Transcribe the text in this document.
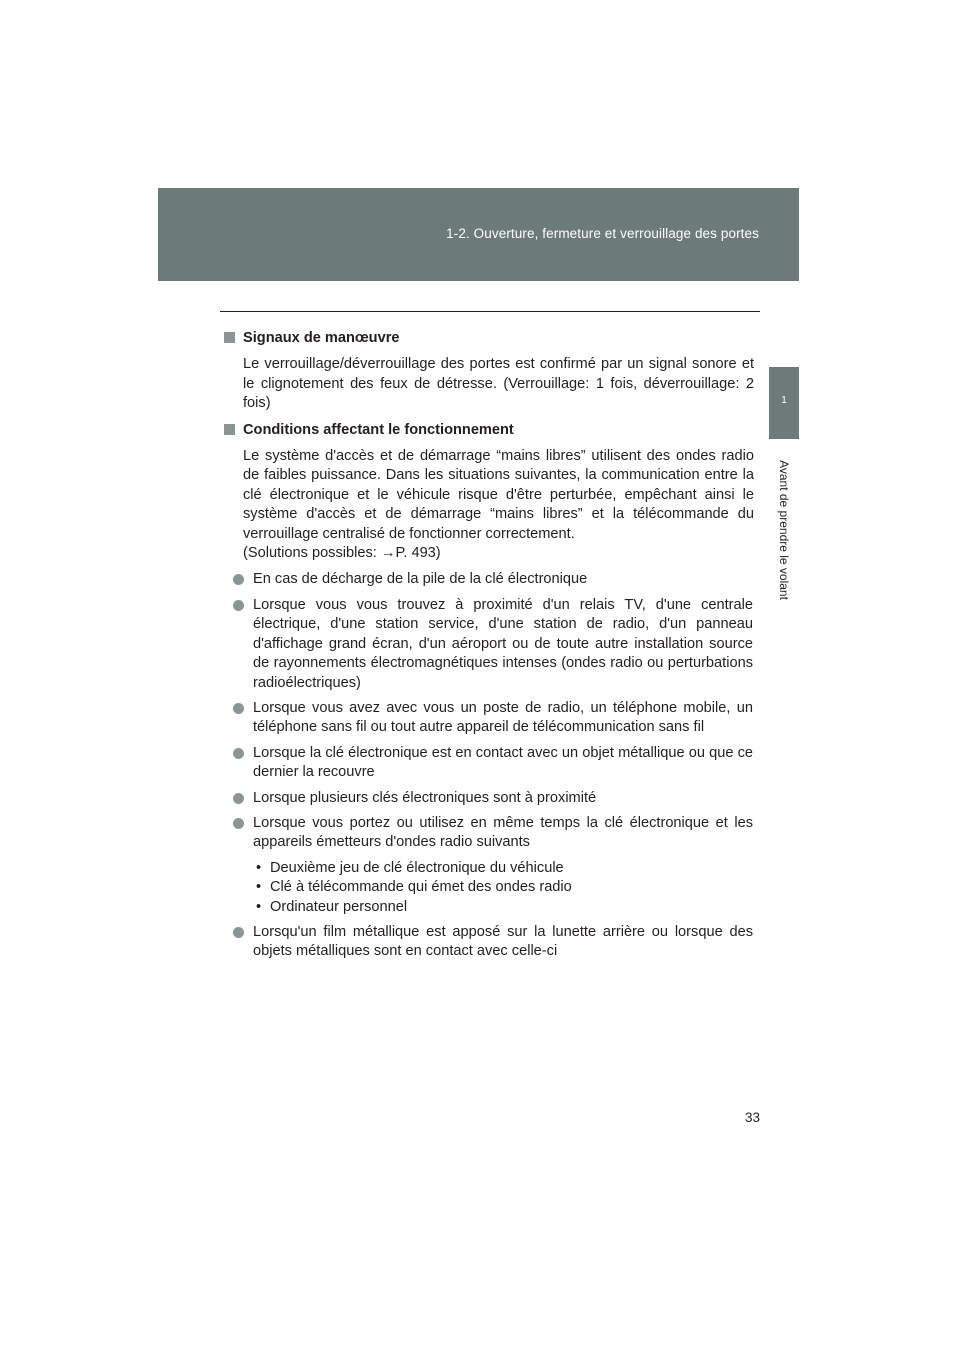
1-2. Ouverture, fermeture et verrouillage des portes
1
Avant de prendre le volant
Signaux de manœuvre

Le verrouillage/déverrouillage des portes est confirmé par un signal sonore et le clignotement des feux de détresse. (Verrouillage: 1 fois, déverrouillage: 2 fois)

Conditions affectant le fonctionnement

Le système d'accès et de démarrage “mains libres” utilisent des ondes radio de faibles puissance. Dans les situations suivantes, la communication entre la clé électronique et le véhicule risque d'être perturbée, empêchant ainsi le système d'accès et de démarrage “mains libres” et la télécommande du verrouillage centralisé de fonctionner correctement.

(Solutions possibles: →P. 493)

En cas de décharge de la pile de la clé électronique
Lorsque vous vous trouvez à proximité d'un relais TV, d'une centrale électrique, d'une station service, d'une station de radio, d'un panneau d'affichage grand écran, d'un aéroport ou de toute autre installation source de rayonnements électromagnétiques intenses (ondes radio ou perturbations radioélectriques)
Lorsque vous avez avec vous un poste de radio, un téléphone mobile, un téléphone sans fil ou tout autre appareil de télécommunication sans fil
Lorsque la clé électronique est en contact avec un objet métallique ou que ce dernier la recouvre
Lorsque plusieurs clés électroniques sont à proximité
Lorsque vous portez ou utilisez en même temps la clé électronique et les appareils émetteurs d'ondes radio suivants
• Deuxième jeu de clé électronique du véhicule
• Clé à télécommande qui émet des ondes radio
• Ordinateur personnel
Lorsqu'un film métallique est apposé sur la lunette arrière ou lorsque des objets métalliques sont en contact avec celle-ci
33
